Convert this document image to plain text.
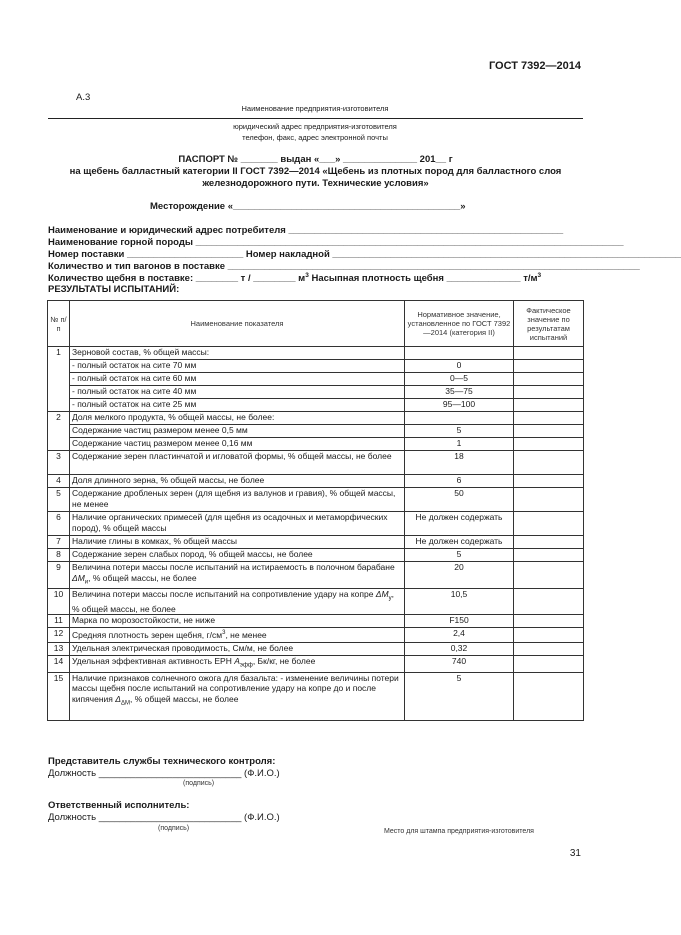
ГОСТ 7392—2014
А.3
Наименование предприятия-изготовителя
юридический адрес предприятия-изготовителя
телефон, факс, адрес электронной почты
ПАСПОРТ № _______ выдан «___» ______________ 201__ г
на щебень балластный категории II ГОСТ 7392—2014 «Щебень из плотных пород для балластного слоя
железнодорожного пути. Технические условия»
Месторождение «___________________________________________»
Наименование и юридический адрес потребителя ____________________________________________________
Наименование горной породы _________________________________________________________________________________
Номер поставки ______________________ Номер накладной __________________________________________________________________
Количество и тип вагонов в поставке ______________________________________________________________________________
Количество щебня в поставке: ________ т / ________ $м^3$ Насыпная плотность щебня ______________ $т/м^3$
РЕЗУЛЬТАТЫ ИСПЫТАНИЙ:
№ п/п	Наименование показателя	Нормативное значение, установленное по ГОСТ 7392—2014 (категория II)	Фактическое значение по результатам испытаний
1	Зерновой состав, % общей массы:		
	- полный остаток на сите 70 мм	0	
	- полный остаток на сите 60 мм	0—5	
	- полный остаток на сите 40 мм	35—75	
	- полный остаток на сите 25 мм	95—100	
2	Доля мелкого продукта, % общей массы, не более:		
	Содержание частиц размером менее 0,5 мм	5	
	Содержание частиц размером менее 0,16 мм	1	
3	Содержание зерен пластинчатой и игловатой формы, % общей массы, не более	18	
4	Доля длинного зерна, % общей массы, не более	6	
5	Содержание дробленых зерен (для щебня из валунов и гравия), % общей массы, не менее	50	
6	Наличие органических примесей (для щебня из осадочных и метаморфических пород), % общей массы	Не должен содержать	
7	Наличие глины в комках, % общей массы	Не должен содержать	
8	Содержание зерен слабых пород, % общей массы, не более	5	
9	Величина потери массы после испытаний на истираемость в полочном барабане $\Delta M_и$, % общей массы, не более	20	
10	Величина потери массы после испытаний на сопротивление удару на копре $\Delta M_у$, % общей массы, не более	10,5	
11	Марка по морозостойкости, не ниже	F150	
12	Средняя плотность зерен щебня, $г/см^3$, не менее	2,4	
13	Удельная электрическая проводимость, См/м, не более	0,32	
14	Удельная эффективная активность ЕРН $A_{эфф}$, Бк/кг, не более	740	
15	Наличие признаков солнечного ожога для базальта: - изменение величины потери массы щебня после испытаний на сопротивление удару на копре до и после кипячения $\Delta_{\Delta M}$, % общей массы, не более	5	
Представитель службы технического контроля:
Должность ___________________________ (Ф.И.О.)
(подпись)
Ответственный исполнитель:
Должность ___________________________ (Ф.И.О.)
(подпись)	Место для штампа предприятия-изготовителя
31
